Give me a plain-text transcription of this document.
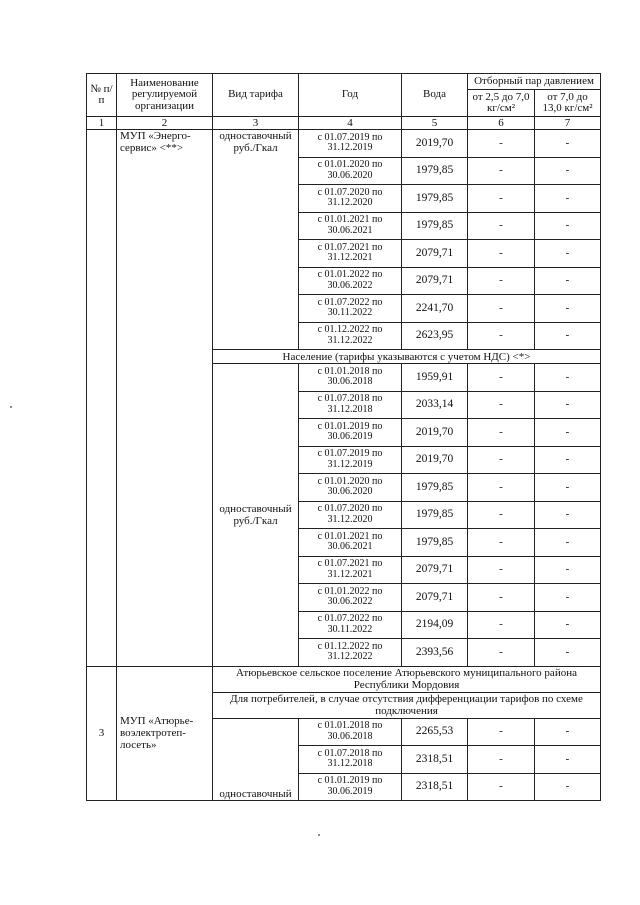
№ п/п	Наименование регулируемой организации	Вид тарифа	Год	Вода	Отборный пар давлением	
					от 2,5 до 7,0 кг/см²	от 7,0 до 13,0 кг/см²
1	2	3	4	5	6	7
	МУП «Энерго-сервис» <**>	одноставочный руб./Гкал	с 01.07.2019 по 31.12.2019	2019,70	-	-
			с 01.01.2020 по 30.06.2020	1979,85	-	-
			с 01.07.2020 по 31.12.2020	1979,85	-	-
			с 01.01.2021 по 30.06.2021	1979,85	-	-
			с 01.07.2021 по 31.12.2021	2079,71	-	-
			с 01.01.2022 по 30.06.2022	2079,71	-	-
			с 01.07.2022 по 30.11.2022	2241,70	-	-
			с 01.12.2022 по 31.12.2022	2623,95	-	-
		Население (тарифы указываются с учетом НДС) <*>				
		одноставочный руб./Гкал	с 01.01.2018 по 30.06.2018	1959,91	-	-
			с 01.07.2018 по 31.12.2018	2033,14	-	-
			с 01.01.2019 по 30.06.2019	2019,70	-	-
			с 01.07.2019 по 31.12.2019	2019,70	-	-
			с 01.01.2020 по 30.06.2020	1979,85	-	-
			с 01.07.2020 по 31.12.2020	1979,85	-	-
			с 01.01.2021 по 30.06.2021	1979,85	-	-
			с 01.07.2021 по 31.12.2021	2079,71	-	-
			с 01.01.2022 по 30.06.2022	2079,71	-	-
			с 01.07.2022 по 30.11.2022	2194,09	-	-
			с 01.12.2022 по 31.12.2022	2393,56	-	-
3	МУП «Атюрье-воэлектротеп-лосеть»	Атюрьевское сельское поселение Атюрьевского муниципального района Республики Мордовия				
		Для потребителей, в случае отсутствия дифференциации тарифов по схеме подключения				
		одноставочный	с 01.01.2018 по 30.06.2018	2265,53	-	-
			с 01.07.2018 по 31.12.2018	2318,51	-	-
			с 01.01.2019 по 30.06.2019	2318,51	-	-
